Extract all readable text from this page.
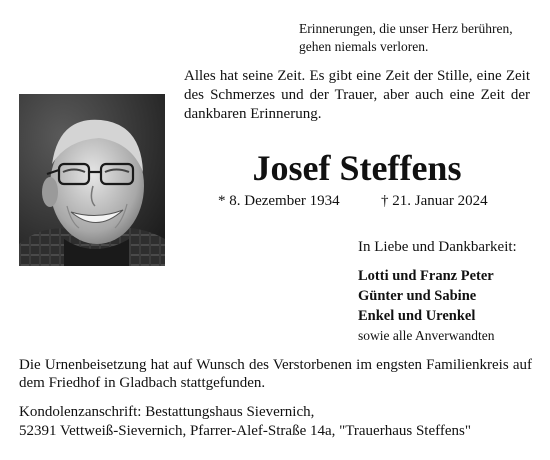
Erinnerungen, die unser Herz berühren,
gehen niemals verloren.
Alles hat seine Zeit. Es gibt eine Zeit der Stille, eine Zeit des Schmerzes und der Trauer, aber auch eine Zeit der dankbaren Erinnerung.
Josef Steffens
* 8. Dezember 1934	† 21. Januar 2024
In Liebe und Dankbarkeit:
Lotti und Franz Peter
Günter und Sabine
Enkel und Urenkel
sowie alle Anverwandten
Die Urnenbeisetzung hat auf Wunsch des Verstorbenen im engsten Familienkreis auf dem Friedhof in Gladbach stattgefunden.
Kondolenzanschrift: Bestattungshaus Sievernich,
52391 Vettweiß-Sievernich, Pfarrer-Alef-Straße 14a, "Trauerhaus Steffens"
